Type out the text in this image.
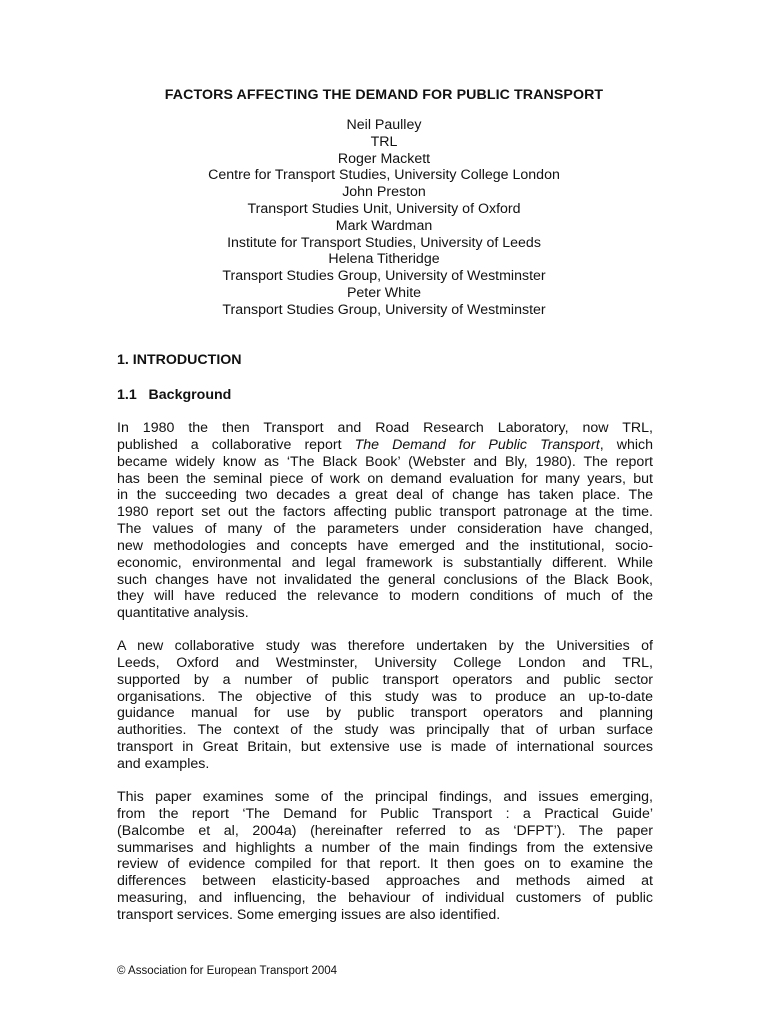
FACTORS AFFECTING THE DEMAND FOR PUBLIC TRANSPORT
Neil Paulley
TRL
Roger Mackett
Centre for Transport Studies, University College London
John Preston
Transport Studies Unit, University of Oxford
Mark Wardman
Institute for Transport Studies, University of Leeds
Helena Titheridge
Transport Studies Group, University of Westminster
Peter White
Transport Studies Group, University of Westminster
1. INTRODUCTION
1.1   Background
In 1980 the then Transport and Road Research Laboratory, now TRL,
published a collaborative report The Demand for Public Transport, which
became widely know as ‘The Black Book’ (Webster and Bly, 1980). The report
has been the seminal piece of work on demand evaluation for many years, but
in the succeeding two decades a great deal of change has taken place. The
1980 report set out the factors affecting public transport patronage at the time.
The values of many of the parameters under consideration have changed,
new methodologies and concepts have emerged and the institutional, socio-
economic, environmental and legal framework is substantially different. While
such changes have not invalidated the general conclusions of the Black Book,
they will have reduced the relevance to modern conditions of much of the
quantitative analysis.
A new collaborative study was therefore undertaken by the Universities of
Leeds, Oxford and Westminster, University College London and TRL,
supported by a number of public transport operators and public sector
organisations. The objective of this study was to produce an up-to-date
guidance manual for use by public transport operators and planning
authorities. The context of the study was principally that of urban surface
transport in Great Britain, but extensive use is made of international sources
and examples.
This paper examines some of the principal findings, and issues emerging,
from the report ‘The Demand for Public Transport : a Practical Guide’
(Balcombe et al, 2004a) (hereinafter referred to as ‘DFPT’). The paper
summarises and highlights a number of the main findings from the extensive
review of evidence compiled for that report. It then goes on to examine the
differences between elasticity-based approaches and methods aimed at
measuring, and influencing, the behaviour of individual customers of public
transport services. Some emerging issues are also identified.
© Association for European Transport 2004
